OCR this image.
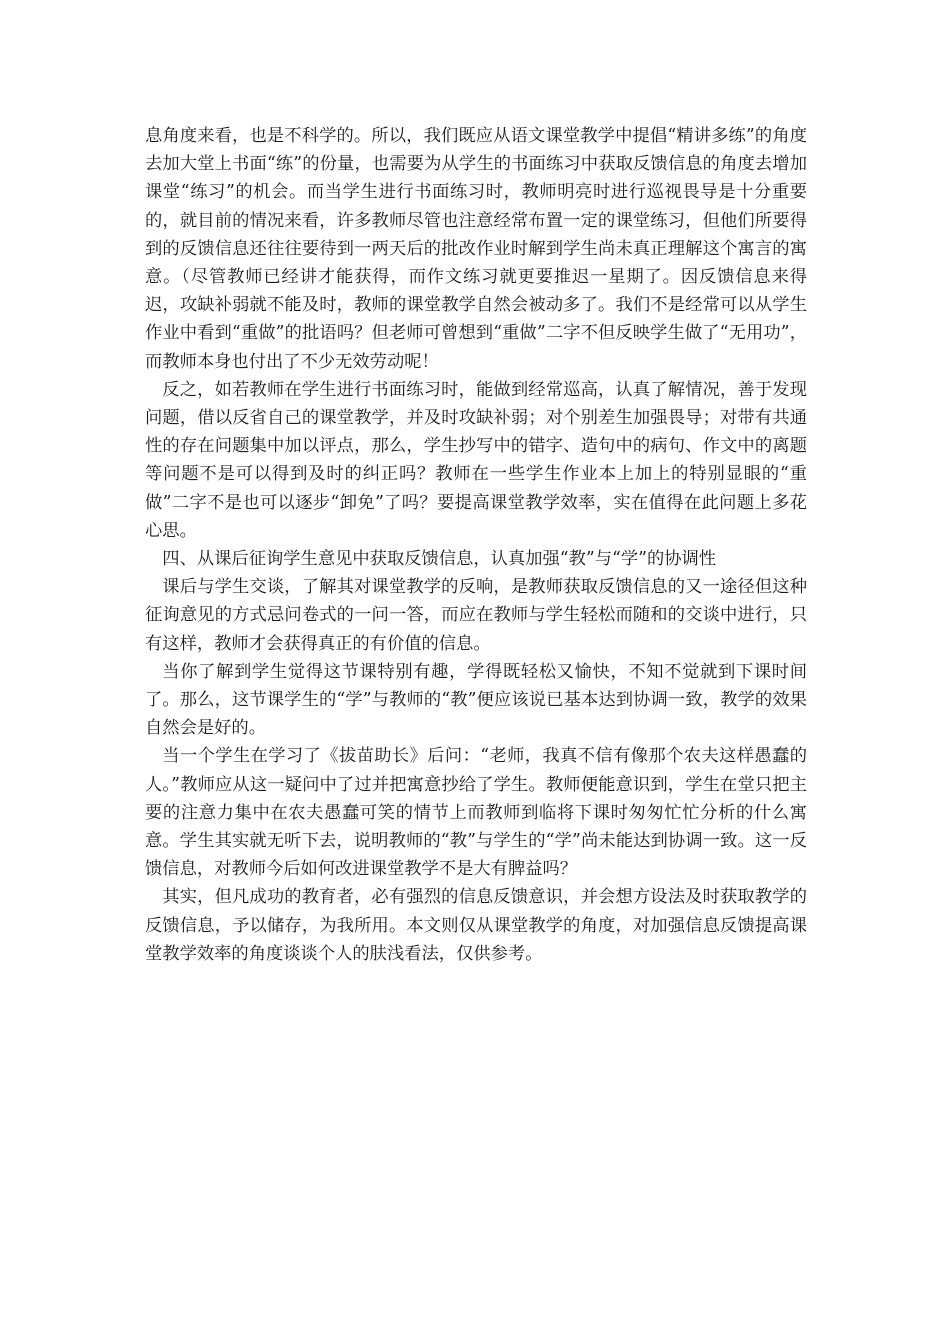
息角度来看，也是不科学的。所以，我们既应从语文课堂教学中提倡“精讲多练”的角度去加大堂上书面“练”的份量，也需要为从学生的书面练习中获取反馈信息的角度去增加课堂“练习”的机会。而当学生进行书面练习时，教师明亮时进行巡视畏导是十分重要的，就目前的情况来看，许多教师尽管也注意经常布置一定的课堂练习，但他们所要得到的反馈信息还往往要待到一两天后的批改作业时解到学生尚未真正理解这个寓言的寓意。（尽管教师已经讲才能获得，而作文练习就更要推迟一星期了。因反馈信息来得迟，攻缺补弱就不能及时，教师的课堂教学自然会被动多了。我们不是经常可以从学生作业中看到“重做”的批语吗？但老师可曾想到“重做”二字不但反映学生做了“无用功”，而教师本身也付出了不少无效劳动呢！

反之，如若教师在学生进行书面练习时，能做到经常巡高，认真了解情况，善于发现问题，借以反省自己的课堂教学，并及时攻缺补弱；对个别差生加强畏导；对带有共通性的存在问题集中加以评点，那么，学生抄写中的错字、造句中的病句、作文中的离题等问题不是可以得到及时的纠正吗？教师在一些学生作业本上加上的特别显眼的“重做”二字不是也可以逐步“卸免”了吗？要提高课堂教学效率，实在值得在此问题上多花心思。

四、从课后征询学生意见中获取反馈信息，认真加强“教”与“学”的协调性

课后与学生交谈，了解其对课堂教学的反响，是教师获取反馈信息的又一途径但这种征询意见的方式忌问卷式的一问一答，而应在教师与学生轻松而随和的交谈中进行，只有这样，教师才会获得真正的有价值的信息。

当你了解到学生觉得这节课特别有趣，学得既轻松又愉快，不知不觉就到下课时间了。那么，这节课学生的“学”与教师的“教”便应该说已基本达到协调一致，教学的效果自然会是好的。

当一个学生在学习了《拔苗助长》后问：“老师，我真不信有像那个农夫这样愚蠢的人。”教师应从这一疑问中了过并把寓意抄给了学生。教师便能意识到，学生在堂只把主要的注意力集中在农夫愚蠢可笑的情节上而教师到临将下课时匆匆忙忙分析的什么寓意。学生其实就无听下去，说明教师的“教”与学生的“学”尚未能达到协调一致。这一反馈信息，对教师今后如何改进课堂教学不是大有脾益吗？

其实，但凡成功的教育者，必有强烈的信息反馈意识，并会想方设法及时获取教学的反馈信息，予以储存，为我所用。本文则仅从课堂教学的角度，对加强信息反馈提高课堂教学效率的角度谈谈个人的肤浅看法，仅供参考。
